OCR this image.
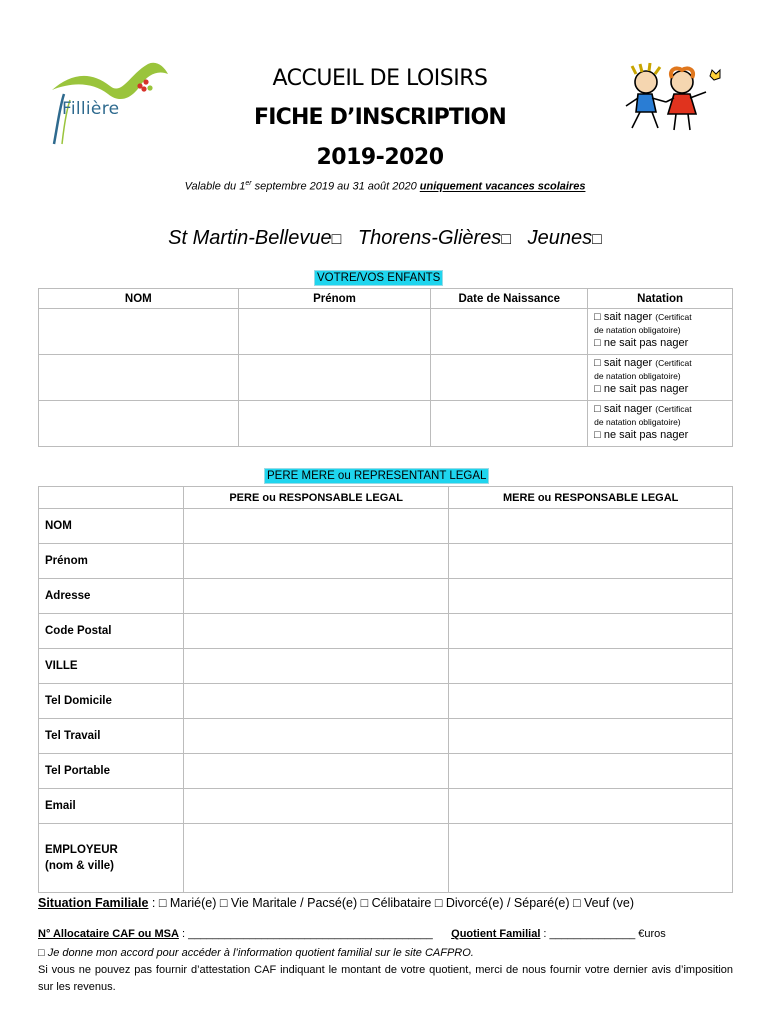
Fillière
ACCUEIL DE LOISIRS
FICHE D’INSCRIPTION
2019-2020
Valable du 1er septembre 2019 au 31 août 2020 uniquement vacances scolaires
St Martin-Bellevue□ Thorens-Glières□ Jeunes□
VOTRE/VOS ENFANTS
NOM	Prénom	Date de Naissance	Natation

			□ sait nager (Certificat
de natation obligatoire)
□ ne sait pas nager

			□ sait nager (Certificat
de natation obligatoire)
□ ne sait pas nager

			□ sait nager (Certificat
de natation obligatoire)
□ ne sait pas nager
PERE MERE ou REPRESENTANT LEGAL
	PERE ou RESPONSABLE LEGAL	MERE ou RESPONSABLE LEGAL
NOM		
Prénom		
Adresse		
Code Postal		
VILLE		
Tel Domicile		
Tel Travail		
Tel Portable		
Email		

EMPLOYEUR
(nom & ville)		

Situation Familiale : □ Marié(e) □ Vie Maritale / Pacsé(e) □ Célibataire □ Divorcé(e) / Séparé(e) □ Veuf (ve)
N° Allocataire CAF ou MSA : ________________________________________ Quotient Familial : ______________ €uros
□ Je donne mon accord pour accéder à l’information quotient familial sur le site CAFPRO.
Si vous ne pouvez pas fournir d’attestation CAF indiquant le montant de votre quotient, merci de nous fournir votre dernier avis d’imposition sur les revenus.
